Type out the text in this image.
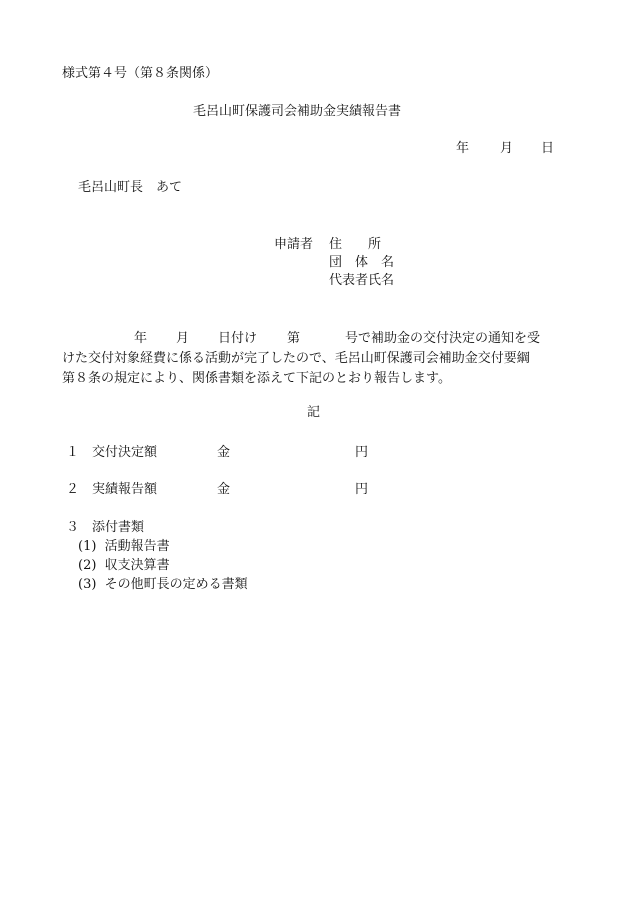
様式第４号（第８条関係）
毛呂山町保護司会補助金実績報告書
年 月 日
毛呂山町長　あて
申請者 住　　所
団　体　名
代表者氏名
年 月 日付け 第	号で補助金の交付決定の通知を受
けた交付対象経費に係る活動が完了したので、毛呂山町保護司会補助金交付要綱
第８条の規定により、関係書類を添えて下記のとおり報告します。
記
１ 交付決定額	金	円
２ 実績報告額	金	円
３ 添付書類
(1)  活動報告書
(2)  収支決算書
(3)  その他町長の定める書類
